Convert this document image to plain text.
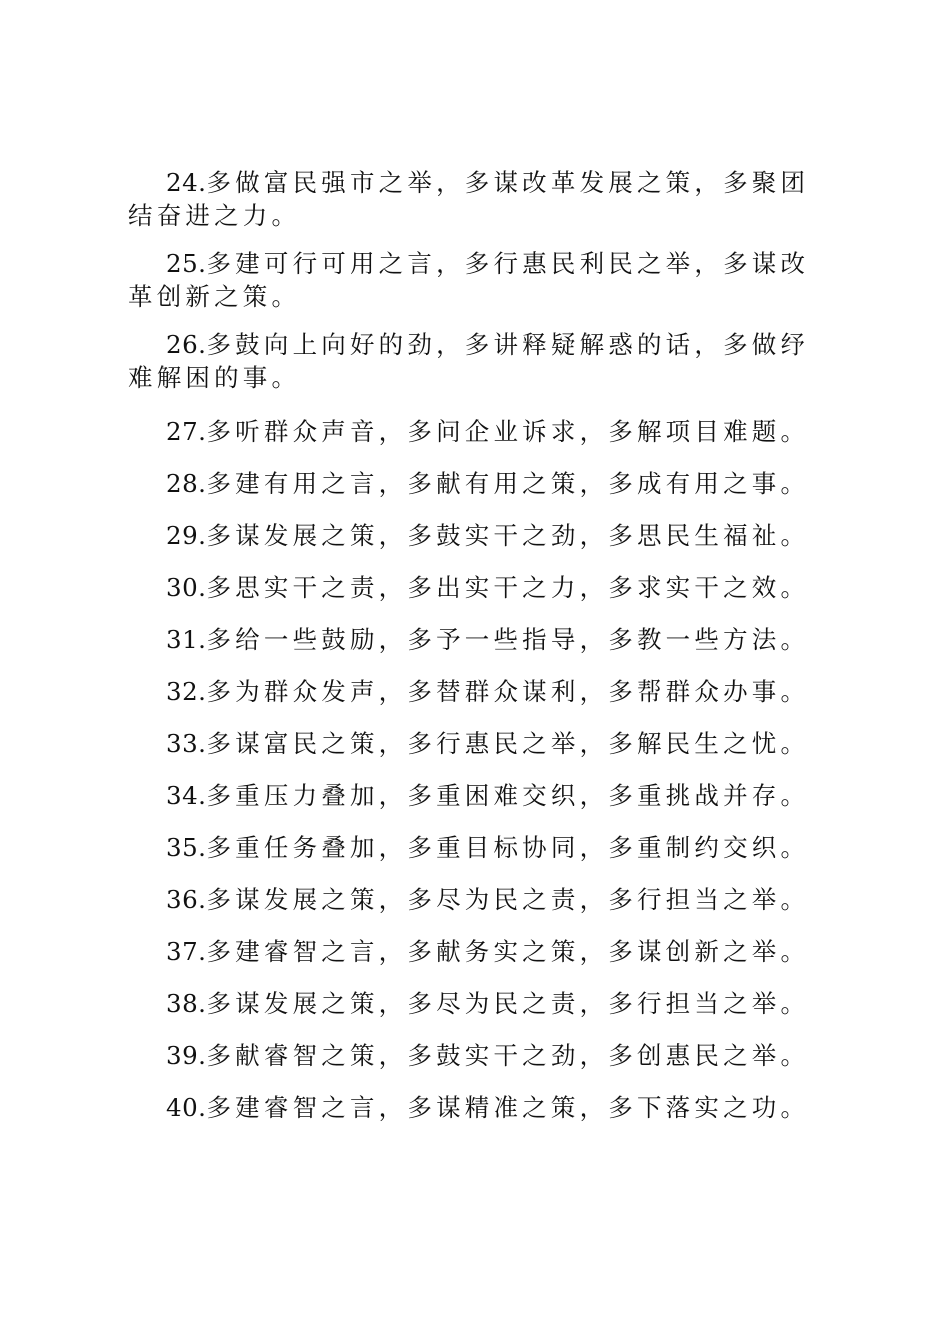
24.多做富民强市之举，多谋改革发展之策，多聚团结奋进之力。

25.多建可行可用之言，多行惠民利民之举，多谋改革创新之策。

26.多鼓向上向好的劲，多讲释疑解惑的话，多做纾难解困的事。

27.多听群众声音，多问企业诉求，多解项目难题。

28.多建有用之言，多献有用之策，多成有用之事。

29.多谋发展之策，多鼓实干之劲，多思民生福祉。

30.多思实干之责，多出实干之力，多求实干之效。

31.多给一些鼓励，多予一些指导，多教一些方法。

32.多为群众发声，多替群众谋利，多帮群众办事。

33.多谋富民之策，多行惠民之举，多解民生之忧。

34.多重压力叠加，多重困难交织，多重挑战并存。

35.多重任务叠加，多重目标协同，多重制约交织。

36.多谋发展之策，多尽为民之责，多行担当之举。

37.多建睿智之言，多献务实之策，多谋创新之举。

38.多谋发展之策，多尽为民之责，多行担当之举。

39.多献睿智之策，多鼓实干之劲，多创惠民之举。

40.多建睿智之言，多谋精准之策，多下落实之功。
